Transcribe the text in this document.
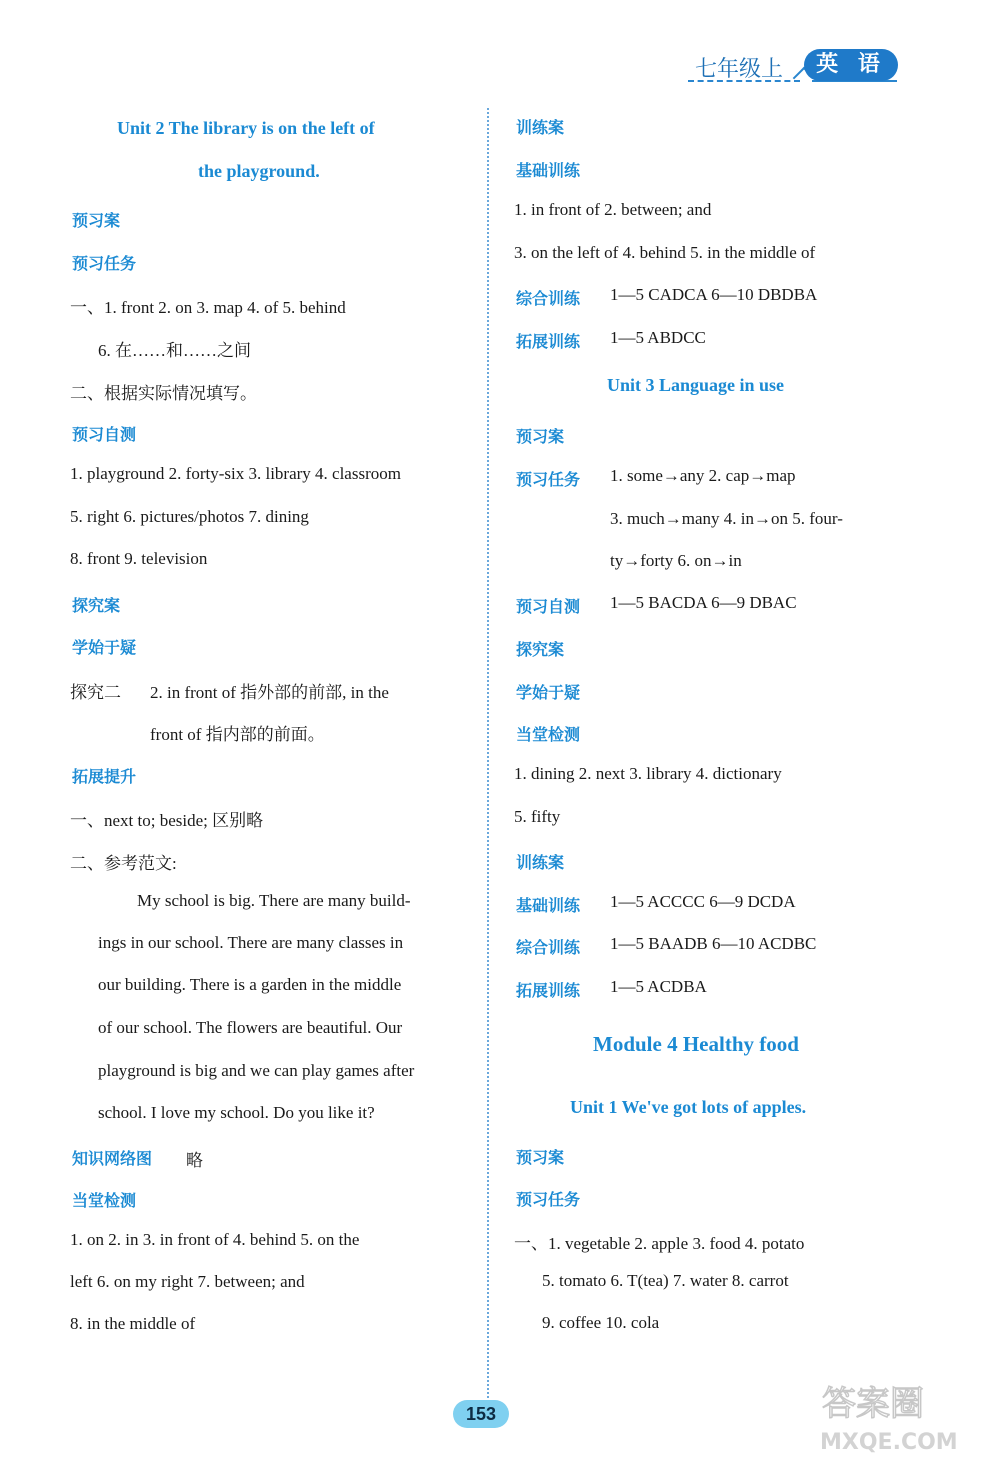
七年级上	英 语
Unit 2 The library is on the left of
the playground.
预习案
预习任务
一、1. front 2. on 3. map 4. of 5. behind
6. 在……和……之间
二、根据实际情况填写。
预习自测
1. playground 2. forty-six 3. library 4. classroom
5. right 6. pictures/photos 7. dining
8. front 9. television
探究案
学始于疑
探究二 2. in front of 指外部的前部, in the
front of 指内部的前面。
拓展提升
一、next to; beside; 区别略
二、参考范文:
My school is big. There are many build-
ings in our school. There are many classes in
our building. There is a garden in the middle
of our school. The flowers are beautiful. Our
playground is big and we can play games after
school. I love my school. Do you like it?
知识网络图 略
当堂检测
1. on 2. in 3. in front of 4. behind 5. on the
left 6. on my right 7. between; and
8. in the middle of
训练案
基础训练
1. in front of 2. between; and
3. on the left of 4. behind 5. in the middle of
综合训练 1—5 CADCA 6—10 DBDBA
拓展训练 1—5 ABDCC
Unit 3 Language in use
预习案
预习任务 1. some→any 2. cap→map
3. much→many 4. in→on 5. four-
ty→forty 6. on→in
预习自测 1—5 BACDA 6—9 DBAC
探究案
学始于疑
当堂检测
1. dining 2. next 3. library 4. dictionary
5. fifty
训练案
基础训练 1—5 ACCCC 6—9 DCDA
综合训练 1—5 BAADB 6—10 ACDBC
拓展训练 1—5 ACDBA
Module 4 Healthy food
Unit 1 We've got lots of apples.
预习案
预习任务
一、1. vegetable 2. apple 3. food 4. potato
5. tomato 6. T(tea) 7. water 8. carrot
9. coffee 10. cola
153	答案圈
MXQE.COM
